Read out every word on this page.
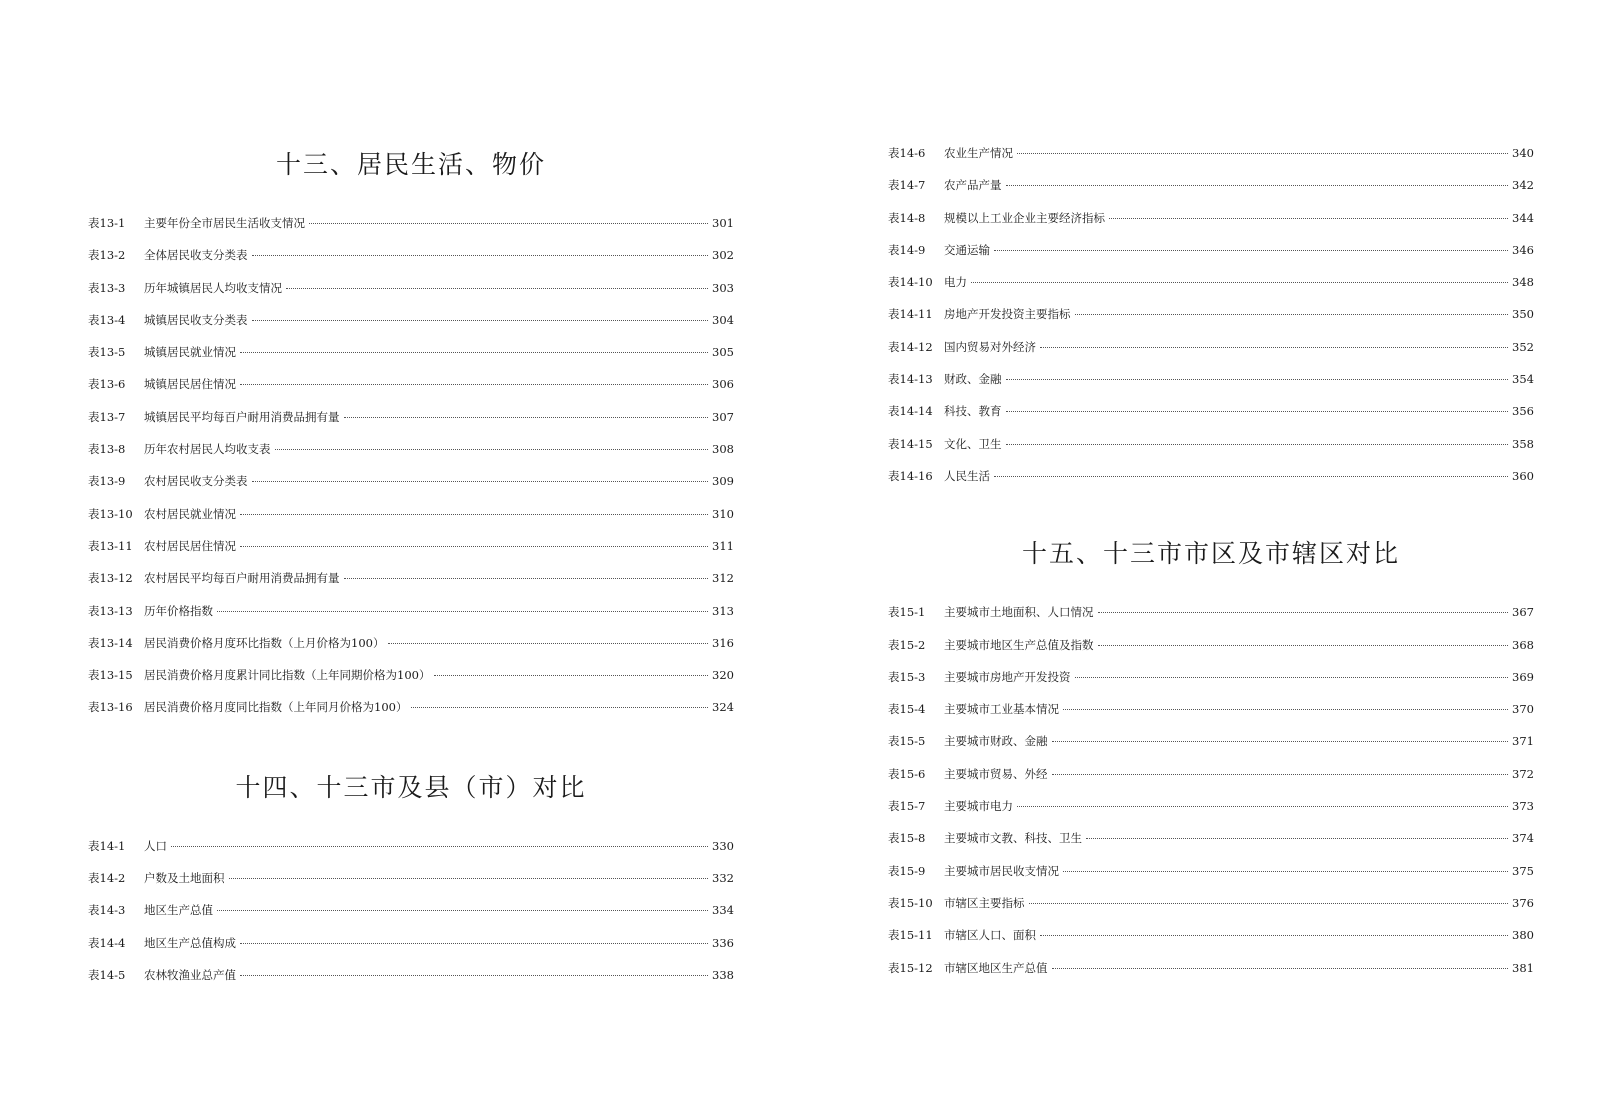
十三、居民生活、物价
表13-1	主要年份全市居民生活收支情况	301
表13-2	全体居民收支分类表	302
表13-3	历年城镇居民人均收支情况	303
表13-4	城镇居民收支分类表	304
表13-5	城镇居民就业情况	305
表13-6	城镇居民居住情况	306
表13-7	城镇居民平均每百户耐用消费品拥有量	307
表13-8	历年农村居民人均收支表	308
表13-9	农村居民收支分类表	309
表13-10 农村居民就业情况	310
表13-11 农村居民居住情况	311
表13-12 农村居民平均每百户耐用消费品拥有量	312
表13-13 历年价格指数	313
表13-14 居民消费价格月度环比指数（上月价格为100）	316
表13-15 居民消费价格月度累计同比指数（上年同期价格为100）	320
表13-16 居民消费价格月度同比指数（上年同月价格为100）	324
十四、十三市及县（市）对比
表14-1	人口	330
表14-2	户数及土地面积	332
表14-3	地区生产总值	334
表14-4	地区生产总值构成	336
表14-5	农林牧渔业总产值	338
表14-6	农业生产情况	340
表14-7	农产品产量	342
表14-8	规模以上工业企业主要经济指标	344
表14-9	交通运输	346
表14-10 电力	348
表14-11 房地产开发投资主要指标	350
表14-12 国内贸易对外经济	352
表14-13 财政、金融	354
表14-14 科技、教育	356
表14-15 文化、卫生	358
表14-16 人民生活	360
十五、十三市市区及市辖区对比
表15-1	主要城市土地面积、人口情况	367
表15-2	主要城市地区生产总值及指数	368
表15-3	主要城市房地产开发投资	369
表15-4	主要城市工业基本情况	370
表15-5	主要城市财政、金融	371
表15-6	主要城市贸易、外经	372
表15-7	主要城市电力	373
表15-8	主要城市文教、科技、卫生	374
表15-9	主要城市居民收支情况	375
表15-10 市辖区主要指标	376
表15-11 市辖区人口、面积	380
表15-12 市辖区地区生产总值	381
